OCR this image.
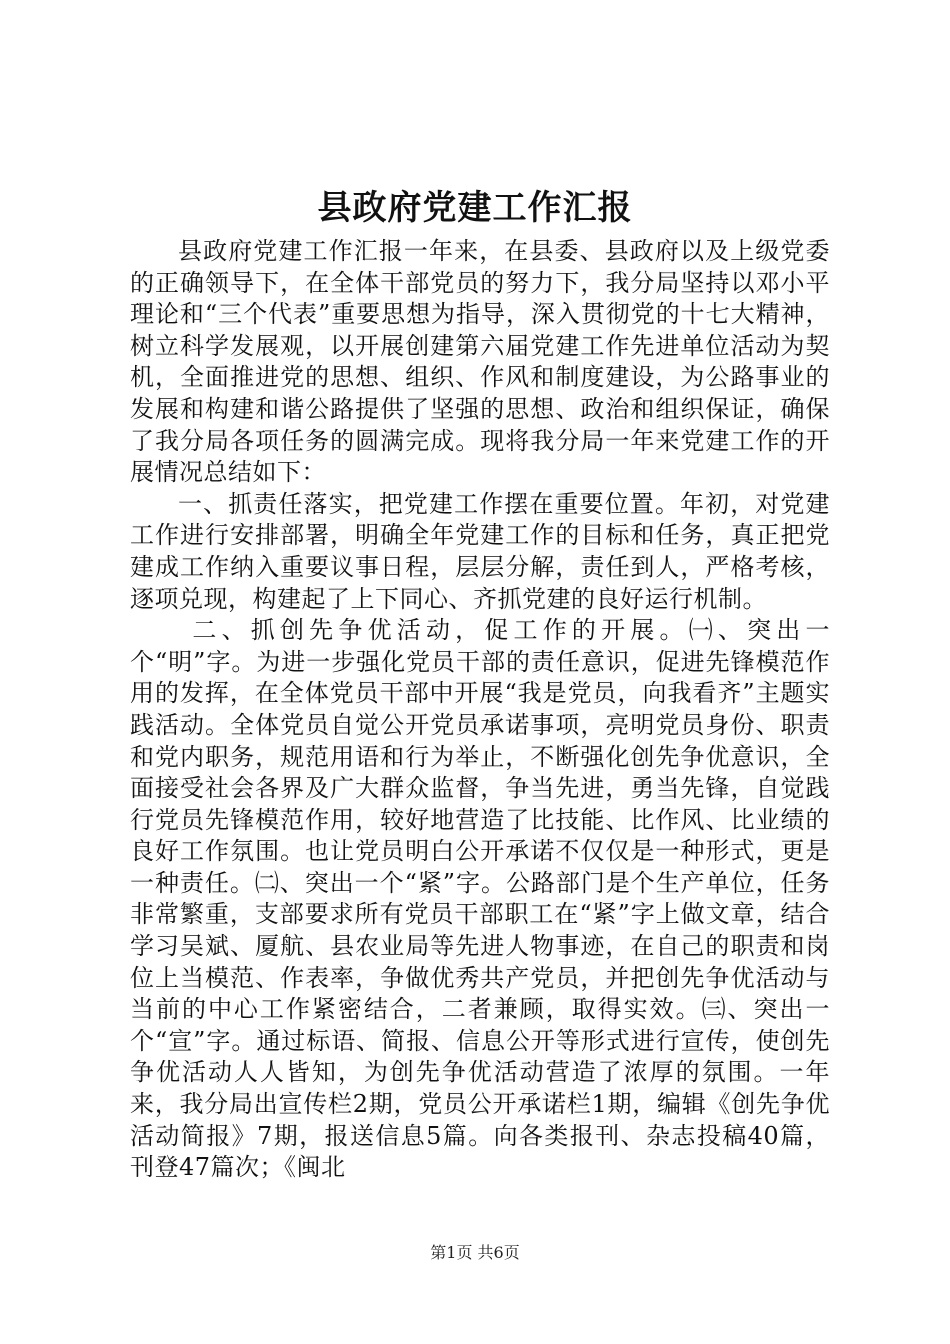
县政府党建工作汇报

县政府党建工作汇报一年来，在县委、县政府以及上级党委的正确领导下，在全体干部党员的努力下，我分局坚持以邓小平理论和“三个代表”重要思想为指导，深入贯彻党的十七大精神，树立科学发展观，以开展创建第六届党建工作先进单位活动为契机，全面推进党的思想、组织、作风和制度建设，为公路事业的发展和构建和谐公路提供了坚强的思想、政治和组织保证，确保了我分局各项任务的圆满完成。现将我分局一年来党建工作的开展情况总结如下：

一、抓责任落实，把党建工作摆在重要位置。年初，对党建工作进行安排部署，明确全年党建工作的目标和任务，真正把党建成工作纳入重要议事日程，层层分解，责任到人，严格考核，逐项兑现，构建起了上下同心、齐抓党建的良好运行机制。

二、抓创先争优活动，促工作的开展。㈠、突出一个“明”字。为进一步强化党员干部的责任意识，促进先锋模范作用的发挥，在全体党员干部中开展“我是党员，向我看齐”主题实践活动。全体党员自觉公开党员承诺事项，亮明党员身份、职责和党内职务，规范用语和行为举止，不断强化创先争优意识，全面接受社会各界及广大群众监督，争当先进，勇当先锋，自觉践行党员先锋模范作用，较好地营造了比技能、比作风、比业绩的良好工作氛围。也让党员明白公开承诺不仅仅是一种形式，更是一种责任。㈡、突出一个“紧”字。公路部门是个生产单位，任务非常繁重，支部要求所有党员干部职工在“紧”字上做文章，结合学习吴斌、厦航、县农业局等先进人物事迹，在自己的职责和岗位上当模范、作表率，争做优秀共产党员，并把创先争优活动与当前的中心工作紧密结合，二者兼顾，取得实效。㈢、突出一个“宣”字。通过标语、简报、信息公开等形式进行宣传，使创先争优活动人人皆知，为创先争优活动营造了浓厚的氛围。一年来，我分局出宣传栏2期，党员公开承诺栏1期，编辑《创先争优活动简报》7期，报送信息5篇。向各类报刊、杂志投稿40篇，刊登47篇次；《闽北

第1页 共6页
